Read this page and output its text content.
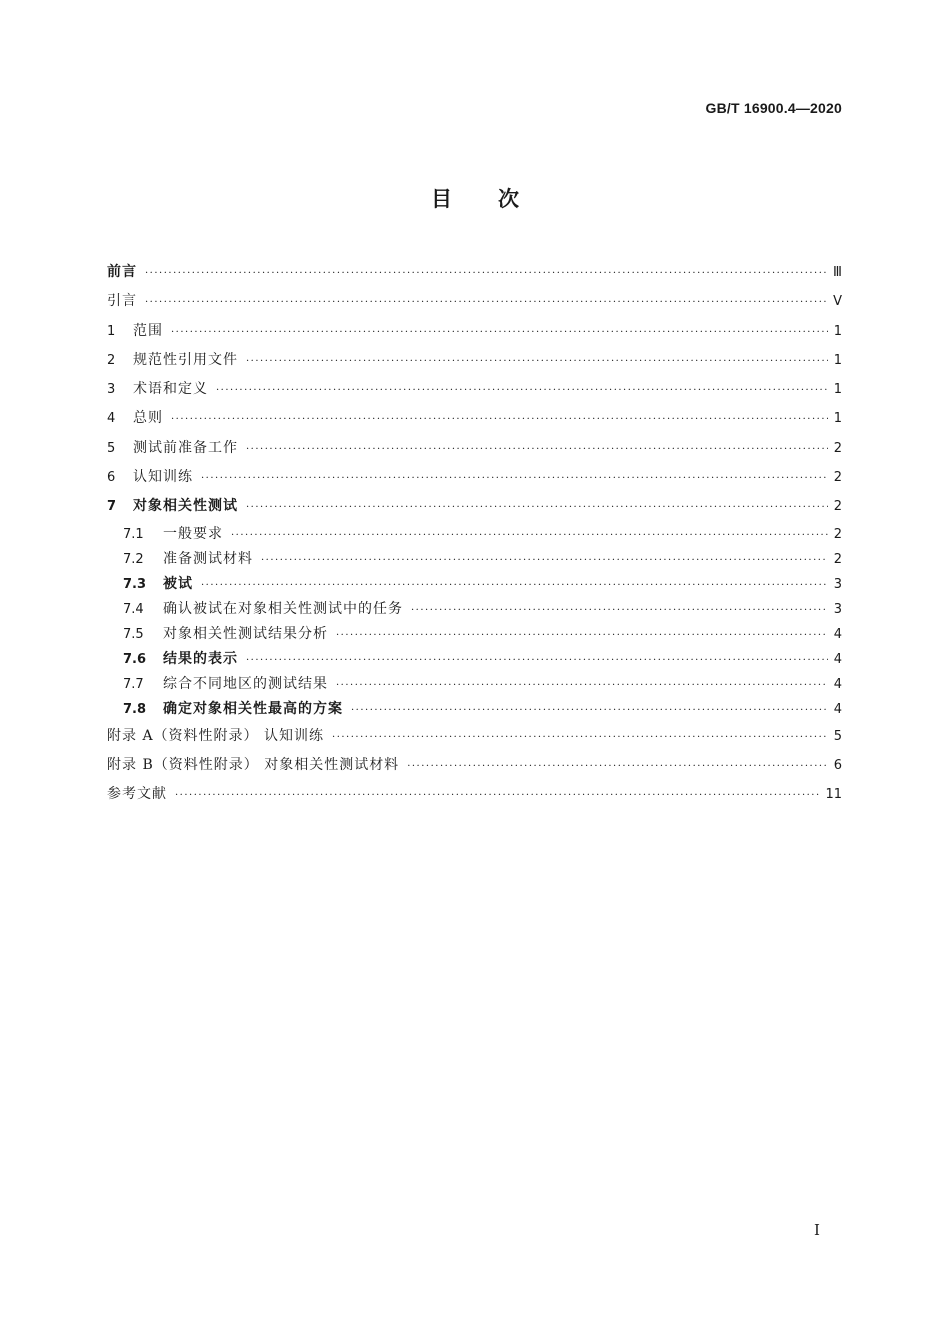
GB/T 16900.4—2020
目 次
前言 ·····	Ⅲ
引言 ·····	Ⅴ
1	范围 ·····	1
2	规范性引用文件 ·····	1
3	术语和定义 ·····	1
4	总则 ·····	1
5	测试前准备工作 ·····	2
6	认知训练 ·····	2
7	对象相关性测试 ·····	2
7.1	一般要求 ·····	2
7.2	准备测试材料 ·····	2
7.3	被试 ·····	3
7.4	确认被试在对象相关性测试中的任务 ·····	3
7.5	对象相关性测试结果分析 ·····	4
7.6	结果的表示 ·····	4
7.7	综合不同地区的测试结果 ·····	4
7.8	确定对象相关性最高的方案 ·····	4
附录 A（资料性附录） 认知训练 ·····	5
附录 B（资料性附录） 对象相关性测试材料 ·····	6
参考文献 ·····	11
I
